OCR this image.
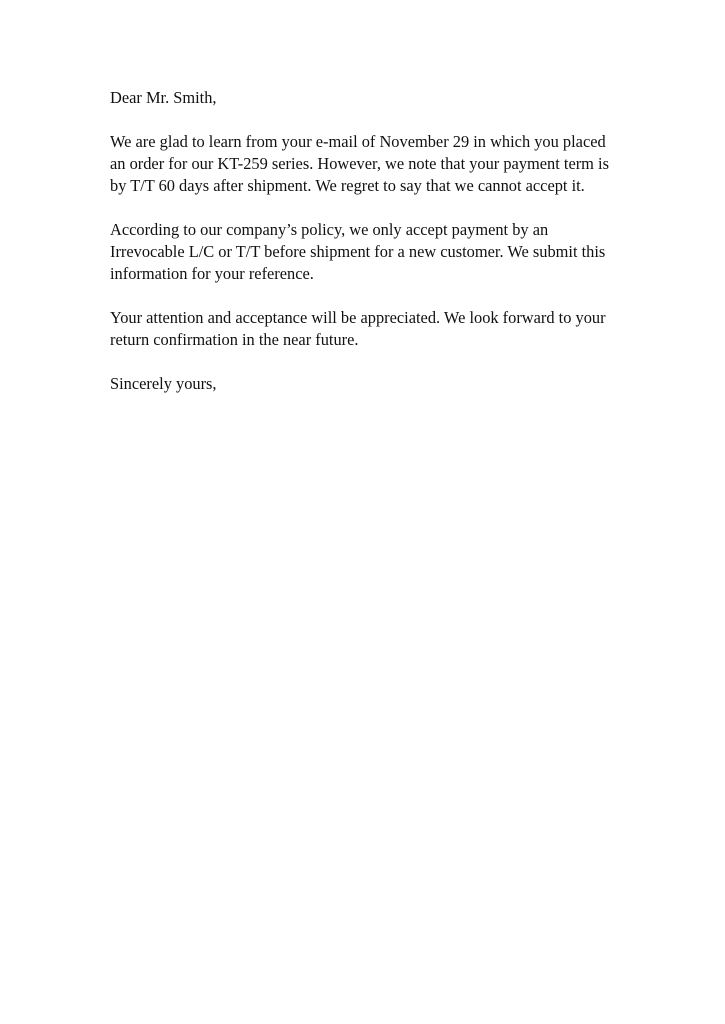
Dear Mr. Smith,

We are glad to learn from your e-mail of November 29 in which you placed an order for our KT-259 series. However, we note that your payment term is by T/T 60 days after shipment. We regret to say that we cannot accept it.

According to our company’s policy, we only accept payment by an Irrevocable L/C or T/T before shipment for a new customer. We submit this information for your reference.

Your attention and acceptance will be appreciated. We look forward to your return confirmation in the near future.

Sincerely yours,
